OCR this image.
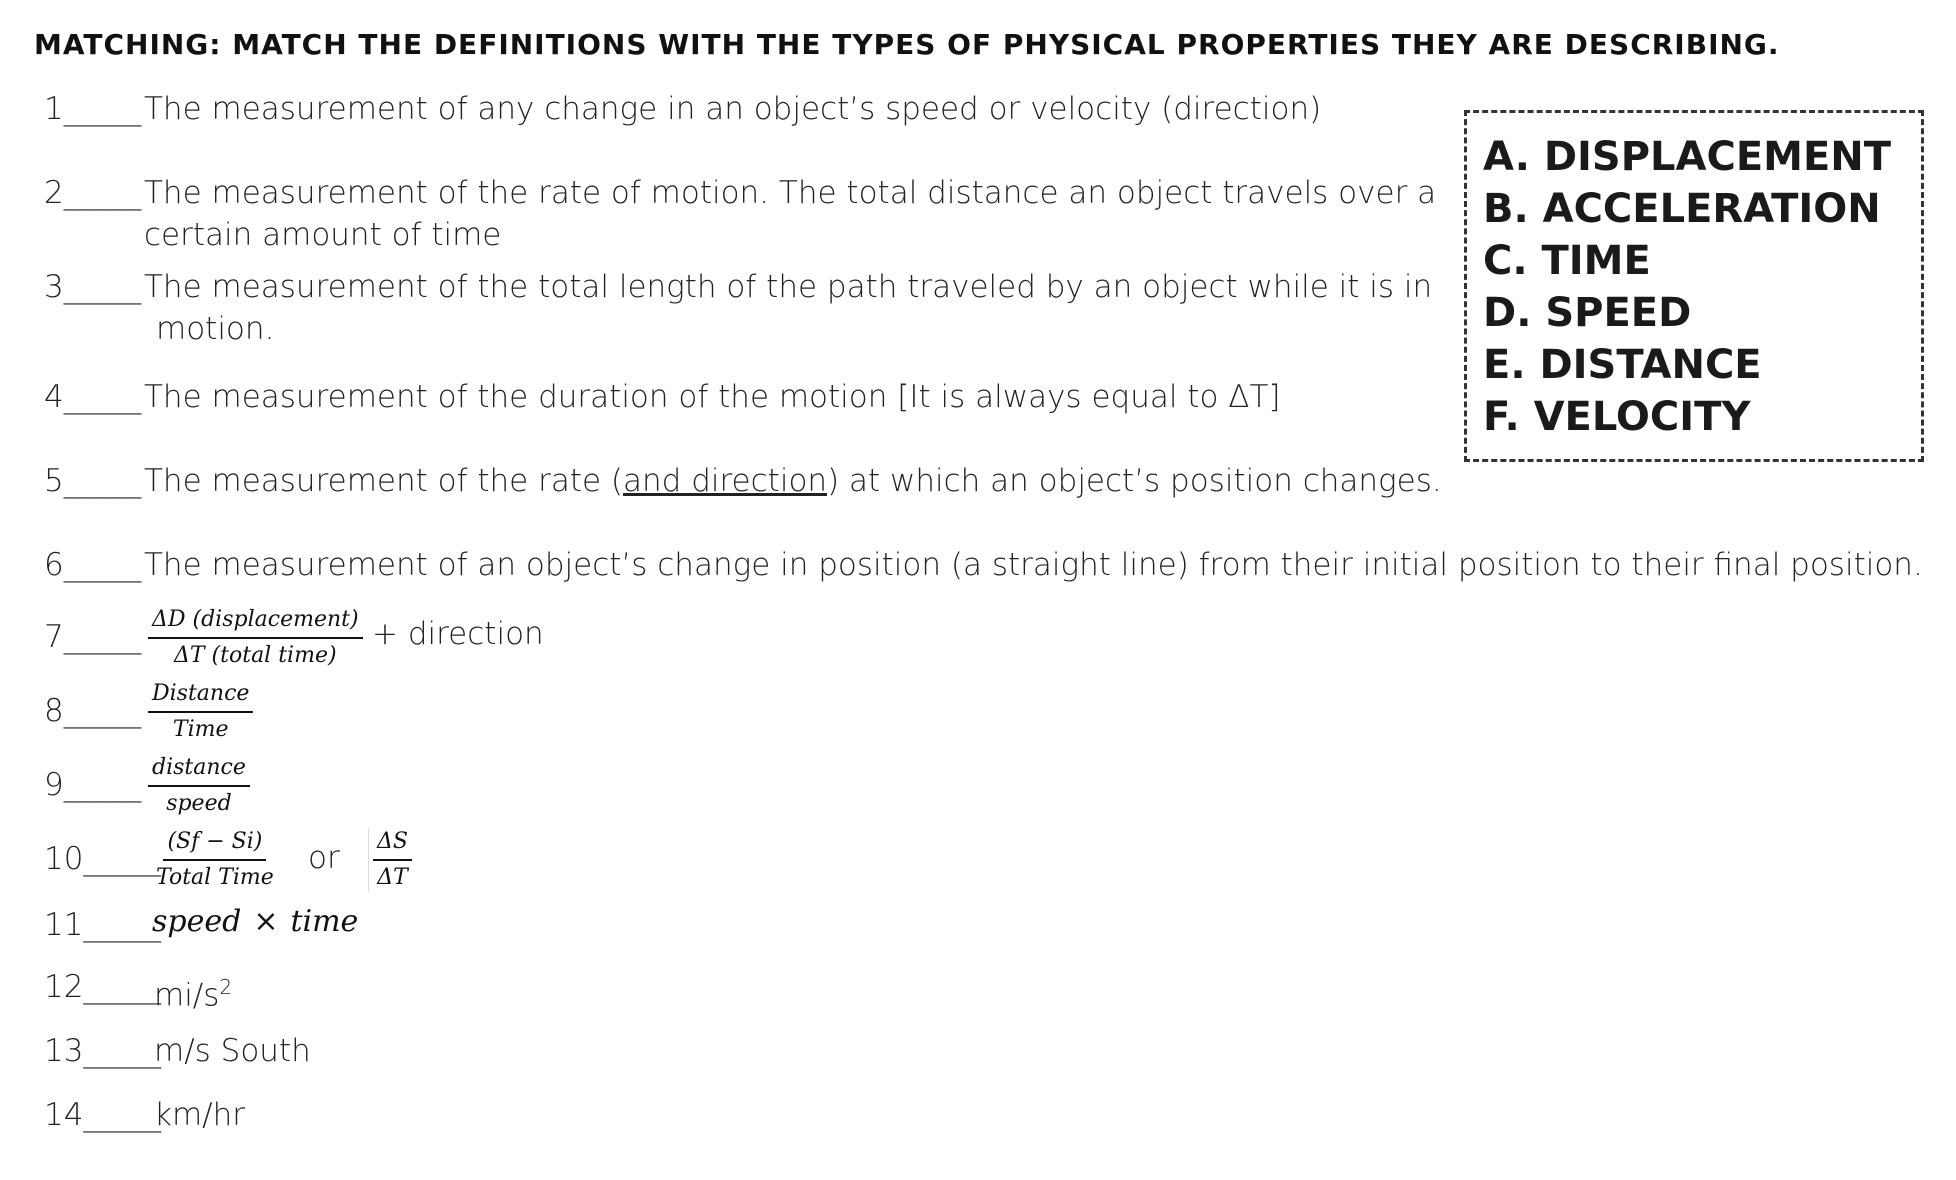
MATCHING: MATCH THE DEFINITIONS WITH THE TYPES OF PHYSICAL PROPERTIES THEY ARE DESCRIBING.
1_____ The measurement of any change in an object’s speed or velocity (direction)
2_____ The measurement of the rate of motion. The total distance an object travels over a
certain amount of time
3_____ The measurement of the total length of the path traveled by an object while it is in
motion.
4_____ The measurement of the duration of the motion [It is always equal to ΔT]
5_____ The measurement of the rate (and direction) at which an object’s position changes.
6_____ The measurement of an object’s change in position (a straight line) from their initial position to their final position.
7_____ ΔD (displacement)
ΔT (total time)
+ direction
8_____ Distance
Time
9_____ distance
speed
10_____ (Sf − Si)
Total Time
or $\frac{\Delta S}{\Delta T}$
11_____
speed × time
12_____
$mi/s^2$
13_____
m/s South
14_____
km/hr
A. DISPLACEMENT
B. ACCELERATION
C. TIME
D. SPEED
E. DISTANCE
F. VELOCITY
